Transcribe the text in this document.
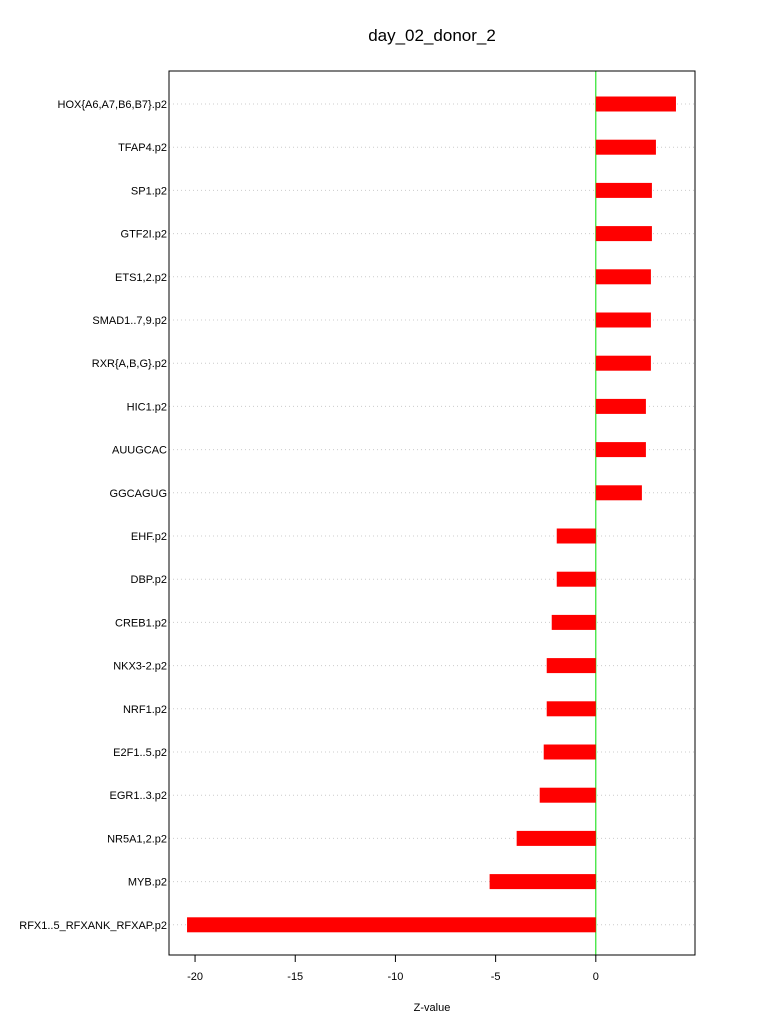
day_02_donor_2
HOX{A6,A7,B6,B7}.p2
TFAP4.p2
SP1.p2
GTF2I.p2
ETS1,2.p2
SMAD1..7,9.p2
RXR{A,B,G}.p2
HIC1.p2
AUUGCAC
GGCAGUG
EHF.p2
DBP.p2
CREB1.p2
NKX3-2.p2
NRF1.p2
E2F1..5.p2
EGR1..3.p2
NR5A1,2.p2
MYB.p2
RFX1..5_RFXANK_RFXAP.p2
-20	-15	-10	-5	0
Z-value
